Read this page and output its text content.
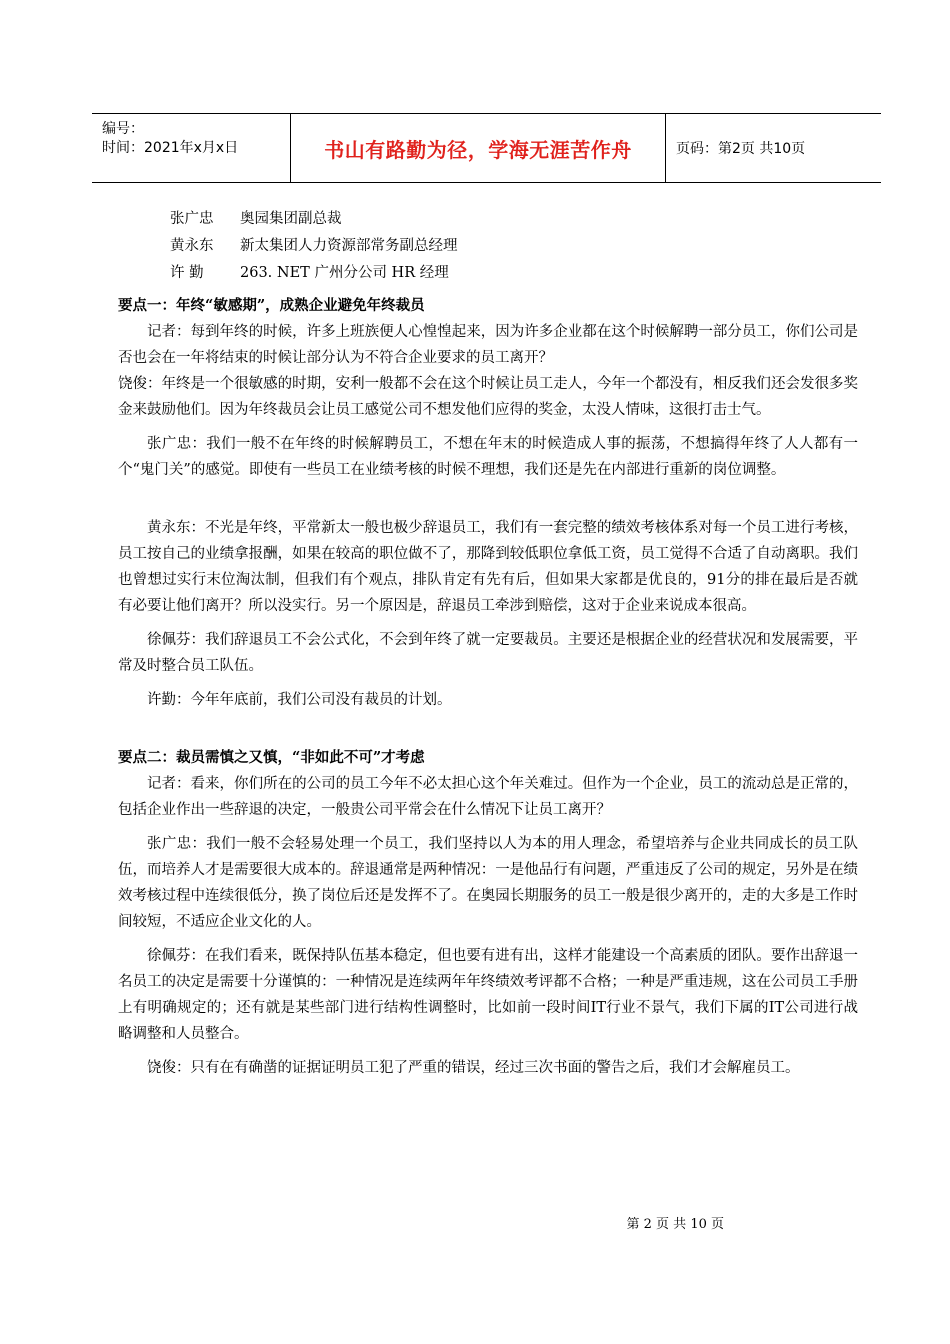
编号：
时间：2021年x月x日	书山有路勤为径，学海无涯苦作舟	页码：第2页 共10页
张广忠	奥园集团副总裁
黄永东	新太集团人力资源部常务副总经理
许 勤	263. NET 广州分公司 HR 经理
要点一：年终“敏感期”，成熟企业避免年终裁员

记者：每到年终的时候，许多上班族便人心惶惶起来，因为许多企业都在这个时候解聘一部分员工，你们公司是否也会在一年将结束的时候让部分认为不符合企业要求的员工离开？

饶俊：年终是一个很敏感的时期，安利一般都不会在这个时候让员工走人，今年一个都没有，相反我们还会发很多奖金来鼓励他们。因为年终裁员会让员工感觉公司不想发他们应得的奖金，太没人情味，这很打击士气。

张广忠：我们一般不在年终的时候解聘员工，不想在年末的时候造成人事的振荡，不想搞得年终了人人都有一个“鬼门关”的感觉。即使有一些员工在业绩考核的时候不理想，我们还是先在内部进行重新的岗位调整。

黄永东：不光是年终，平常新太一般也极少辞退员工，我们有一套完整的绩效考核体系对每一个员工进行考核，员工按自己的业绩拿报酬，如果在较高的职位做不了，那降到较低职位拿低工资，员工觉得不合适了自动离职。我们也曾想过实行末位淘汰制，但我们有个观点，排队肯定有先有后，但如果大家都是优良的，91分的排在最后是否就有必要让他们离开？所以没实行。另一个原因是，辞退员工牵涉到赔偿，这对于企业来说成本很高。

徐佩芬：我们辞退员工不会公式化，不会到年终了就一定要裁员。主要还是根据企业的经营状况和发展需要，平常及时整合员工队伍。

许勤：今年年底前，我们公司没有裁员的计划。

要点二：裁员需慎之又慎，“非如此不可”才考虑

记者：看来，你们所在的公司的员工今年不必太担心这个年关难过。但作为一个企业，员工的流动总是正常的，包括企业作出一些辞退的决定，一般贵公司平常会在什么情况下让员工离开？

张广忠：我们一般不会轻易处理一个员工，我们坚持以人为本的用人理念，希望培养与企业共同成长的员工队伍，而培养人才是需要很大成本的。辞退通常是两种情况：一是他品行有问题，严重违反了公司的规定，另外是在绩效考核过程中连续很低分，换了岗位后还是发挥不了。在奥园长期服务的员工一般是很少离开的，走的大多是工作时间较短，不适应企业文化的人。

徐佩芬：在我们看来，既保持队伍基本稳定，但也要有进有出，这样才能建设一个高素质的团队。要作出辞退一名员工的决定是需要十分谨慎的：一种情况是连续两年年终绩效考评都不合格；一种是严重违规，这在公司员工手册上有明确规定的；还有就是某些部门进行结构性调整时，比如前一段时间IT行业不景气，我们下属的IT公司进行战略调整和人员整合。

饶俊：只有在有确凿的证据证明员工犯了严重的错误，经过三次书面的警告之后，我们才会解雇员工。

第 2 页 共 10 页
